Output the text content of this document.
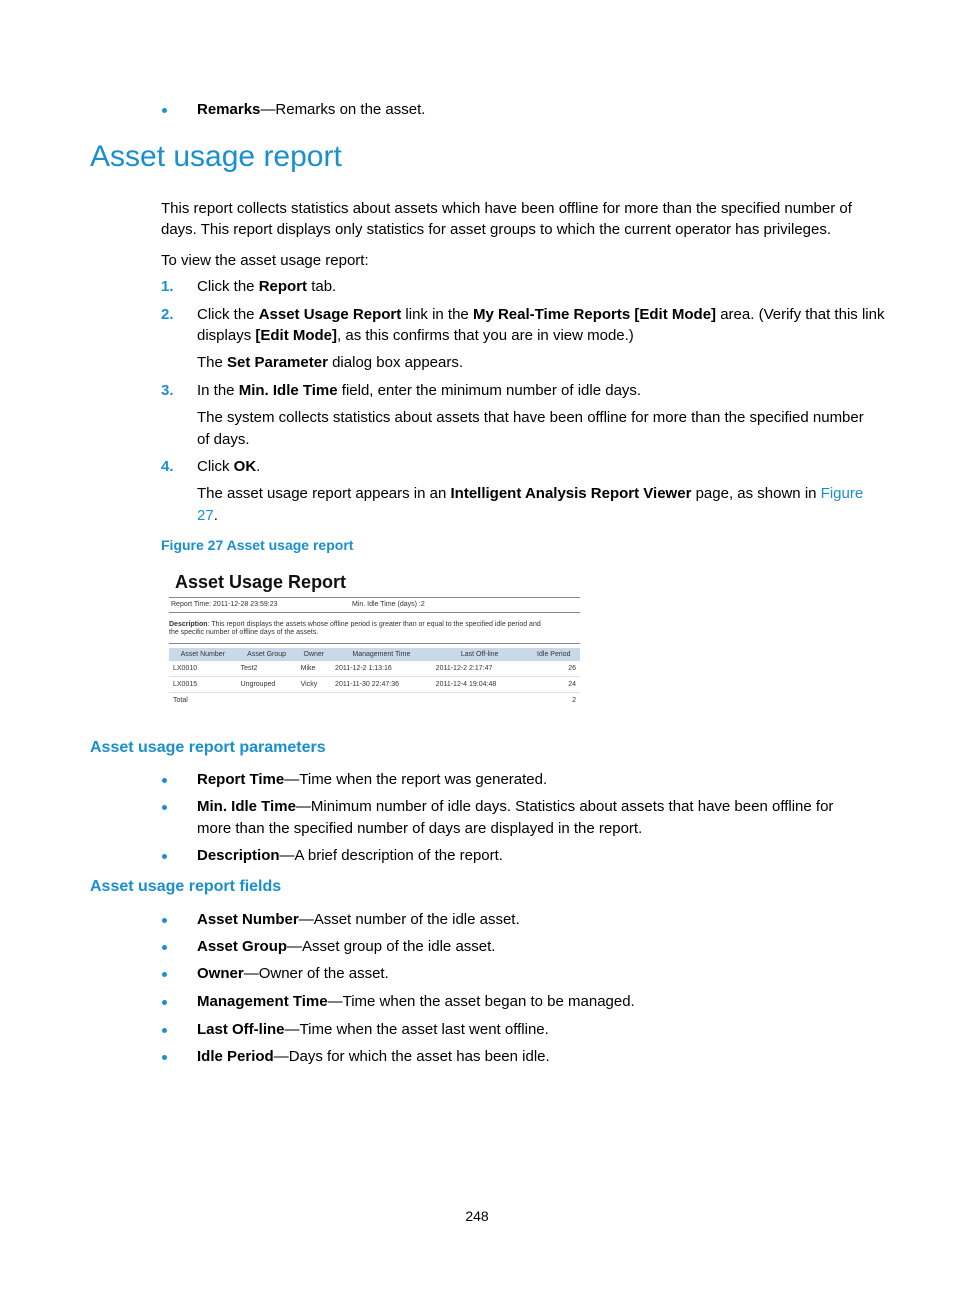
Remarks—Remarks on the asset.
Asset usage report
This report collects statistics about assets which have been offline for more than the specified number of
days. This report displays only statistics for asset groups to which the current operator has privileges.
To view the asset usage report:
1. Click the Report tab.
2. Click the Asset Usage Report link in the My Real-Time Reports [Edit Mode] area. (Verify that this link
displays [Edit Mode], as this confirms that you are in view mode.)
The Set Parameter dialog box appears.
3. In the Min. Idle Time field, enter the minimum number of idle days.
The system collects statistics about assets that have been offline for more than the specified number
of days.
4. Click OK.
The asset usage report appears in an Intelligent Analysis Report Viewer page, as shown in Figure
27.
Figure 27 Asset usage report
Asset Usage Report
Report Time: 2011-12-28 23:59:23	Min. Idle Time (days) :2
Description: This report displays the assets whose offline period is greater than or equal to the specified idle period and
the specific number of offline days of the assets.
Asset Number	Asset Group	Owner	Management Time	Last Off-line	Idle Period
LX0010	Test2	Mike	2011-12-2 1:13:16	2011-12-2 2:17:47	26
LX0015	Ungrouped	Vicky	2011-11-30 22:47:36	2011-12-4 19:04:48	24
Total					2
Asset usage report parameters
Report Time—Time when the report was generated.
Min. Idle Time—Minimum number of idle days. Statistics about assets that have been offline for
more than the specified number of days are displayed in the report.
Description—A brief description of the report.
Asset usage report fields
Asset Number—Asset number of the idle asset.
Asset Group—Asset group of the idle asset.
Owner—Owner of the asset.
Management Time—Time when the asset began to be managed.
Last Off-line—Time when the asset last went offline.
Idle Period—Days for which the asset has been idle.
248
